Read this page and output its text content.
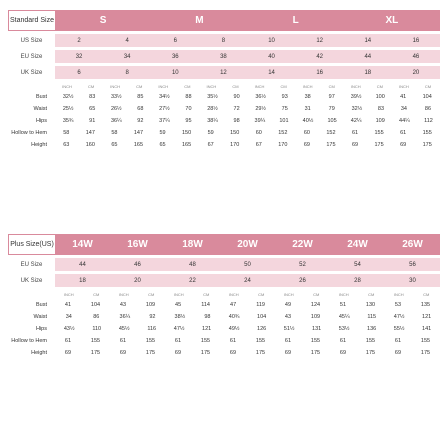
Standard Size	S	M	L	XL
US Size	2	4	6	8	10	12	14	16
EU Size	32	34	36	38	40	42	44	46
UK Size	6	8	10	12	14	16	18	20
INCH	CM	INCH	CM	INCH	CM	INCH	CM	INCH	CM	INCH	CM	INCH	CM	INCH	CM
Bust	32½	83	33½	85	34½	88	35½	90	36½	93	38	97	39½	100	41	104
Waist	25½	65	26½	68	27½	70	28½	72	29½	75	31	79	32½	83	34	86
Hips	35¾	91	36¼	92	37¼	95	38¼	98	39¼	101	40½	105	42¼	109	44¼	112
Hollow to Hem	58	147	58	147	59	150	59	150	60	152	60	152	61	155	61	155
Height	63	160	65	165	65	165	67	170	67	170	69	175	69	175	69	175
Plus Size(US)	14W	16W	18W	20W	22W	24W	26W
EU Size	44	46	48	50	52	54	56
UK Size	18	20	22	24	26	28	30
INCH	CM	INCH	CM	INCH	CM	INCH	CM	INCH	CM	INCH	CM	INCH	CM
Bust	41	104	43	109	45	114	47	119	49	124	51	130	53	135
Waist	34	86	36¼	92	38½	98	40¾	104	43	109	45¼	115	47½	121
Hips	43½	110	45½	116	47½	121	49½	126	51½	131	53½	136	55½	141
Hollow to Hem	61	155	61	155	61	155	61	155	61	155	61	155	61	155
Height	69	175	69	175	69	175	69	175	69	175	69	175	69	175
